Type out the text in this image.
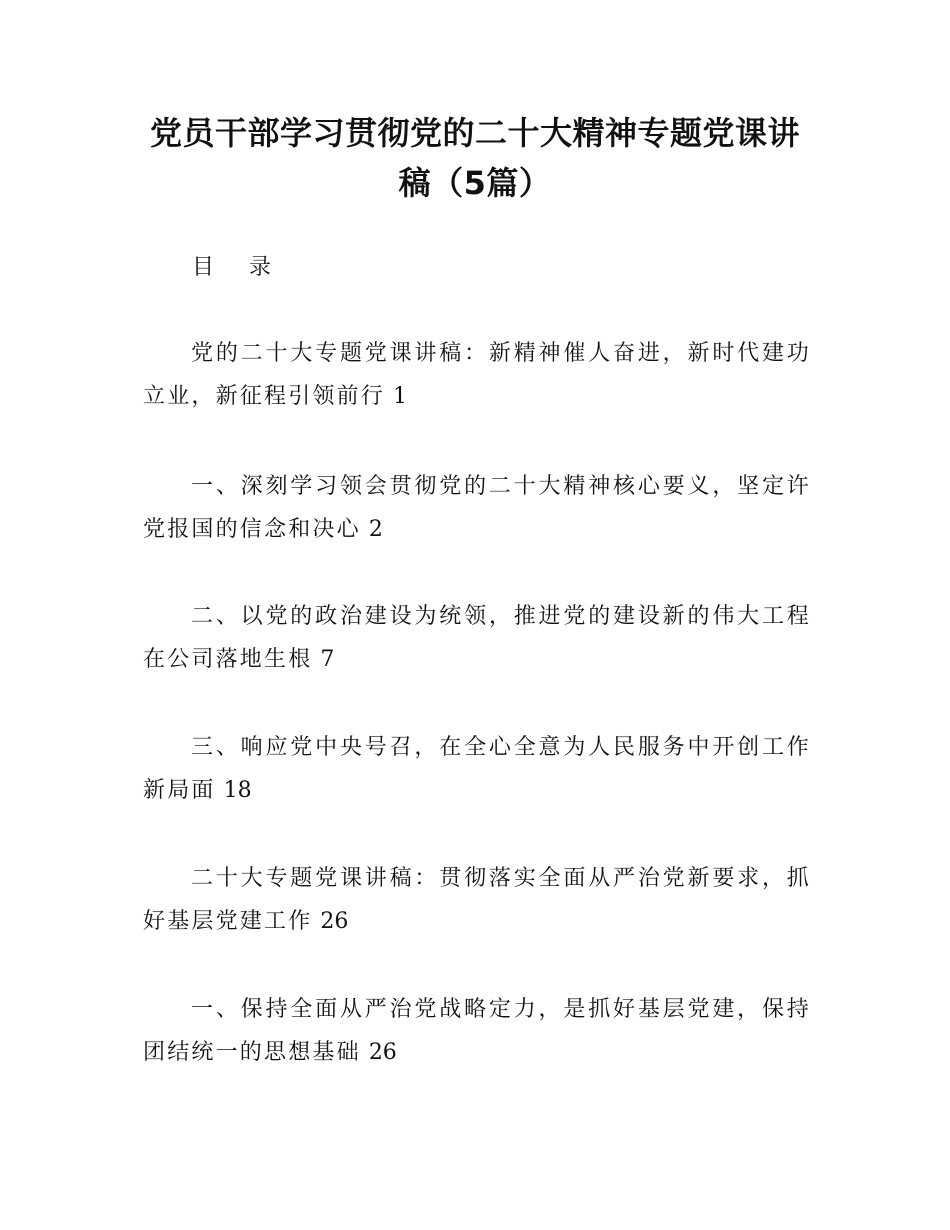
党员干部学习贯彻党的二十大精神专题党课讲稿（5篇）

目 录

党的二十大专题党课讲稿：新精神催人奋进，新时代建功立业，新征程引领前行 1

一、深刻学习领会贯彻党的二十大精神核心要义，坚定许党报国的信念和决心 2

二、以党的政治建设为统领，推进党的建设新的伟大工程在公司落地生根 7

三、响应党中央号召，在全心全意为人民服务中开创工作新局面 18

二十大专题党课讲稿：贯彻落实全面从严治党新要求，抓好基层党建工作 26

一、保持全面从严治党战略定力，是抓好基层党建，保持团结统一的思想基础 26
